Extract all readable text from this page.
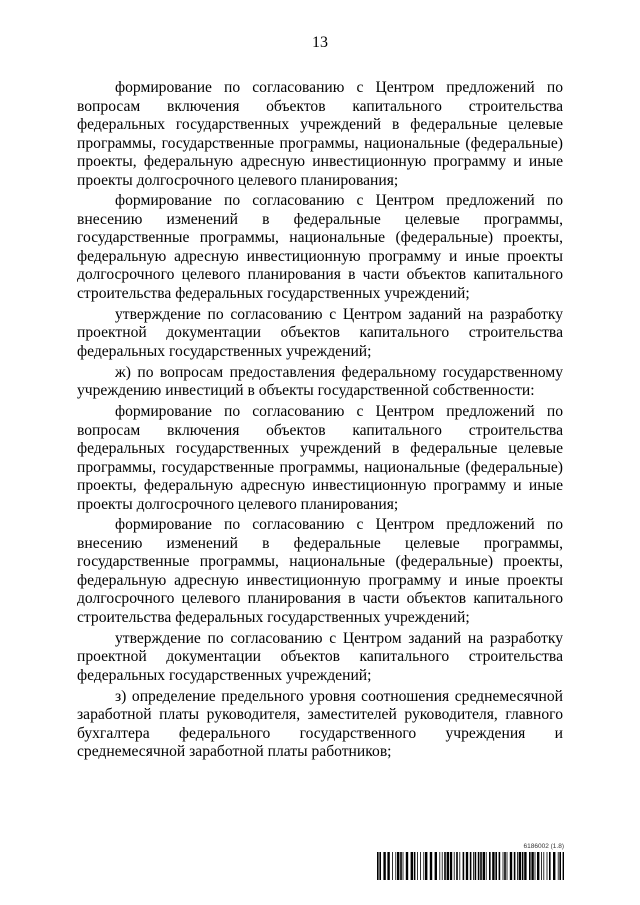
13

формирование по согласованию с Центром предложений по вопросам включения объектов капитального строительства федеральных государственных учреждений в федеральные целевые программы, государственные программы, национальные (федеральные) проекты, федеральную адресную инвестиционную программу и иные проекты долгосрочного целевого планирования;

формирование по согласованию с Центром предложений по внесению изменений в федеральные целевые программы, государственные программы, национальные (федеральные) проекты, федеральную адресную инвестиционную программу и иные проекты долгосрочного целевого планирования в части объектов капитального строительства федеральных государственных учреждений;

утверждение по согласованию с Центром заданий на разработку проектной документации объектов капитального строительства федеральных государственных учреждений;

ж) по вопросам предоставления федеральному государственному учреждению инвестиций в объекты государственной собственности:

формирование по согласованию с Центром предложений по вопросам включения объектов капитального строительства федеральных государственных учреждений в федеральные целевые программы, государственные программы, национальные (федеральные) проекты, федеральную адресную инвестиционную программу и иные проекты долгосрочного целевого планирования;

формирование по согласованию с Центром предложений по внесению изменений в федеральные целевые программы, государственные программы, национальные (федеральные) проекты, федеральную адресную инвестиционную программу и иные проекты долгосрочного целевого планирования в части объектов капитального строительства федеральных государственных учреждений;

утверждение по согласованию с Центром заданий на разработку проектной документации объектов капитального строительства федеральных государственных учреждений;

з) определение предельного уровня соотношения среднемесячной заработной платы руководителя, заместителей руководителя, главного бухгалтера федерального государственного учреждения и среднемесячной заработной платы работников;

6186002 (1.8)
